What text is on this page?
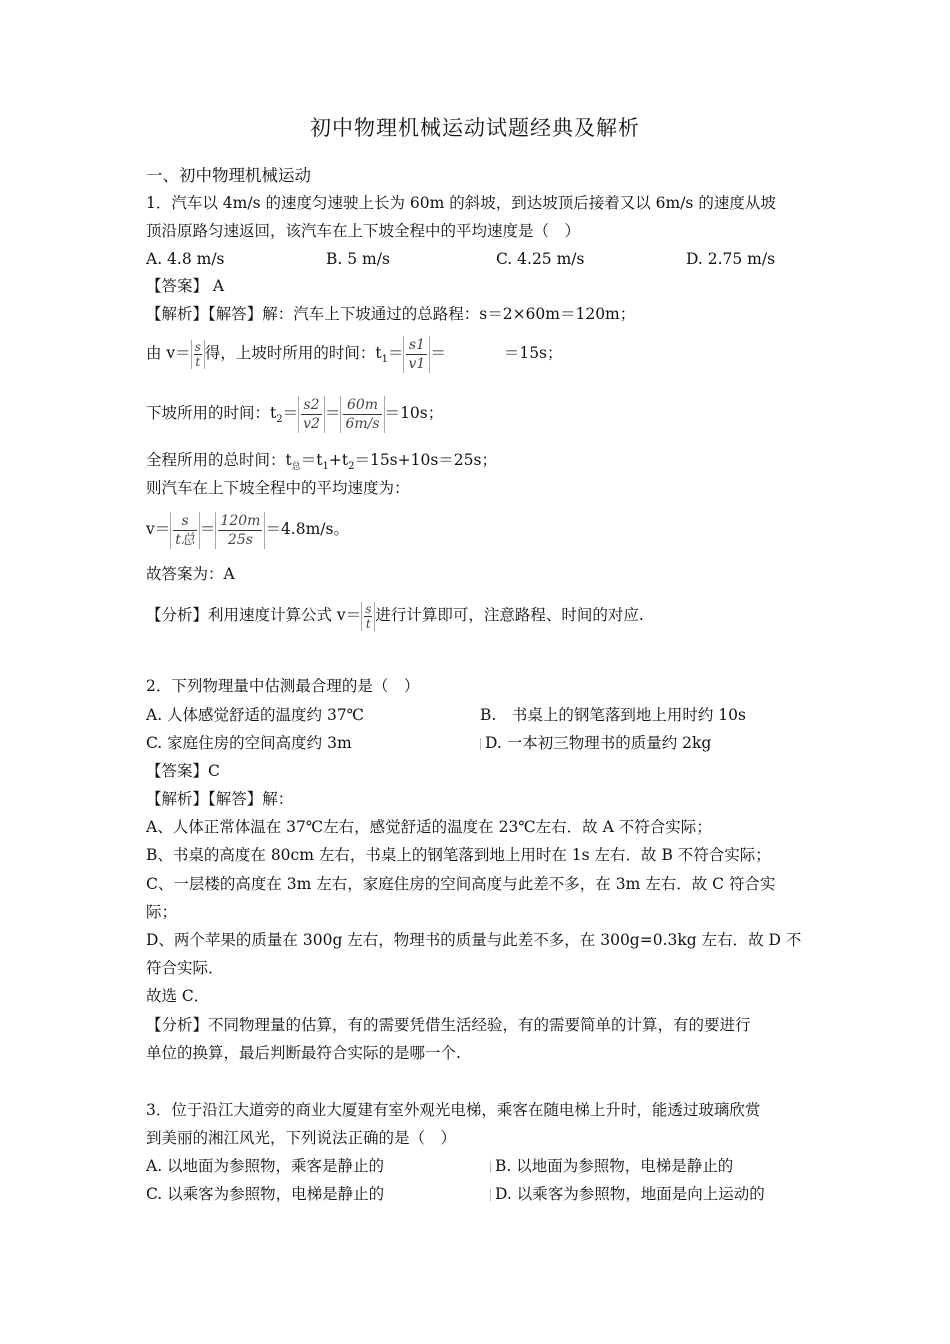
初中物理机械运动试题经典及解析
一、初中物理机械运动
1．汽车以 4m/s 的速度匀速驶上长为 60m 的斜坡，到达坡顶后接着又以 6m/s 的速度从坡
顶沿原路匀速返回，该汽车在上下坡全程中的平均速度是（　）
A. 4.8 m/s	B. 5 m/s	C. 4.25 m/s	D. 2.75 m/s
【答案】 A
【解析】【解答】解：汽车上下坡通过的总路程：s＝2×60m＝120m；
由 $v= \frac{s}{t}$ 得，上坡时所用的时间：$t_1= \frac{s1}{v1}$ ＝	＝15s；
下坡所用的时间：$t_2= \frac{s2}{v2} = \frac{60m}{6m/s} =10s$；
全程所用的总时间：$t_总=t_1+t_2=15s+10s=25s$；
则汽车在上下坡全程中的平均速度为：
$v= \frac{s}{\text{t总}} = \frac{120m}{25s} =4.8m/s$。
故答案为：A
【分析】利用速度计算公式 $v= \frac{s}{t}$ 进行计算即可，注意路程、时间的对应.
2．下列物理量中估测最合理的是（　）
A. 人体感觉舒适的温度约 37℃	B.　书桌上的钢笔落到地上用时约 10s
C. 家庭住房的空间高度约 3m	D. 一本初三物理书的质量约 2kg
【答案】C
【解析】【解答】解：
A、人体正常体温在 37℃左右，感觉舒适的温度在 23℃左右．故 A 不符合实际；
B、书桌的高度在 80cm 左右，书桌上的钢笔落到地上用时在 1s 左右．故 B 不符合实际；
C、一层楼的高度在 3m 左右，家庭住房的空间高度与此差不多，在 3m 左右．故 C 符合实
际；
D、两个苹果的质量在 300g 左右，物理书的质量与此差不多，在 300g=0.3kg 左右．故 D 不
符合实际．
故选 C．
【分析】不同物理量的估算，有的需要凭借生活经验，有的需要简单的计算，有的要进行
单位的换算，最后判断最符合实际的是哪一个.
3．位于沿江大道旁的商业大厦建有室外观光电梯，乘客在随电梯上升时，能透过玻璃欣赏
到美丽的湘江风光，下列说法正确的是（　）
A. 以地面为参照物，乘客是静止的	B. 以地面为参照物，电梯是静止的
C. 以乘客为参照物，电梯是静止的	D. 以乘客为参照物，地面是向上运动的
